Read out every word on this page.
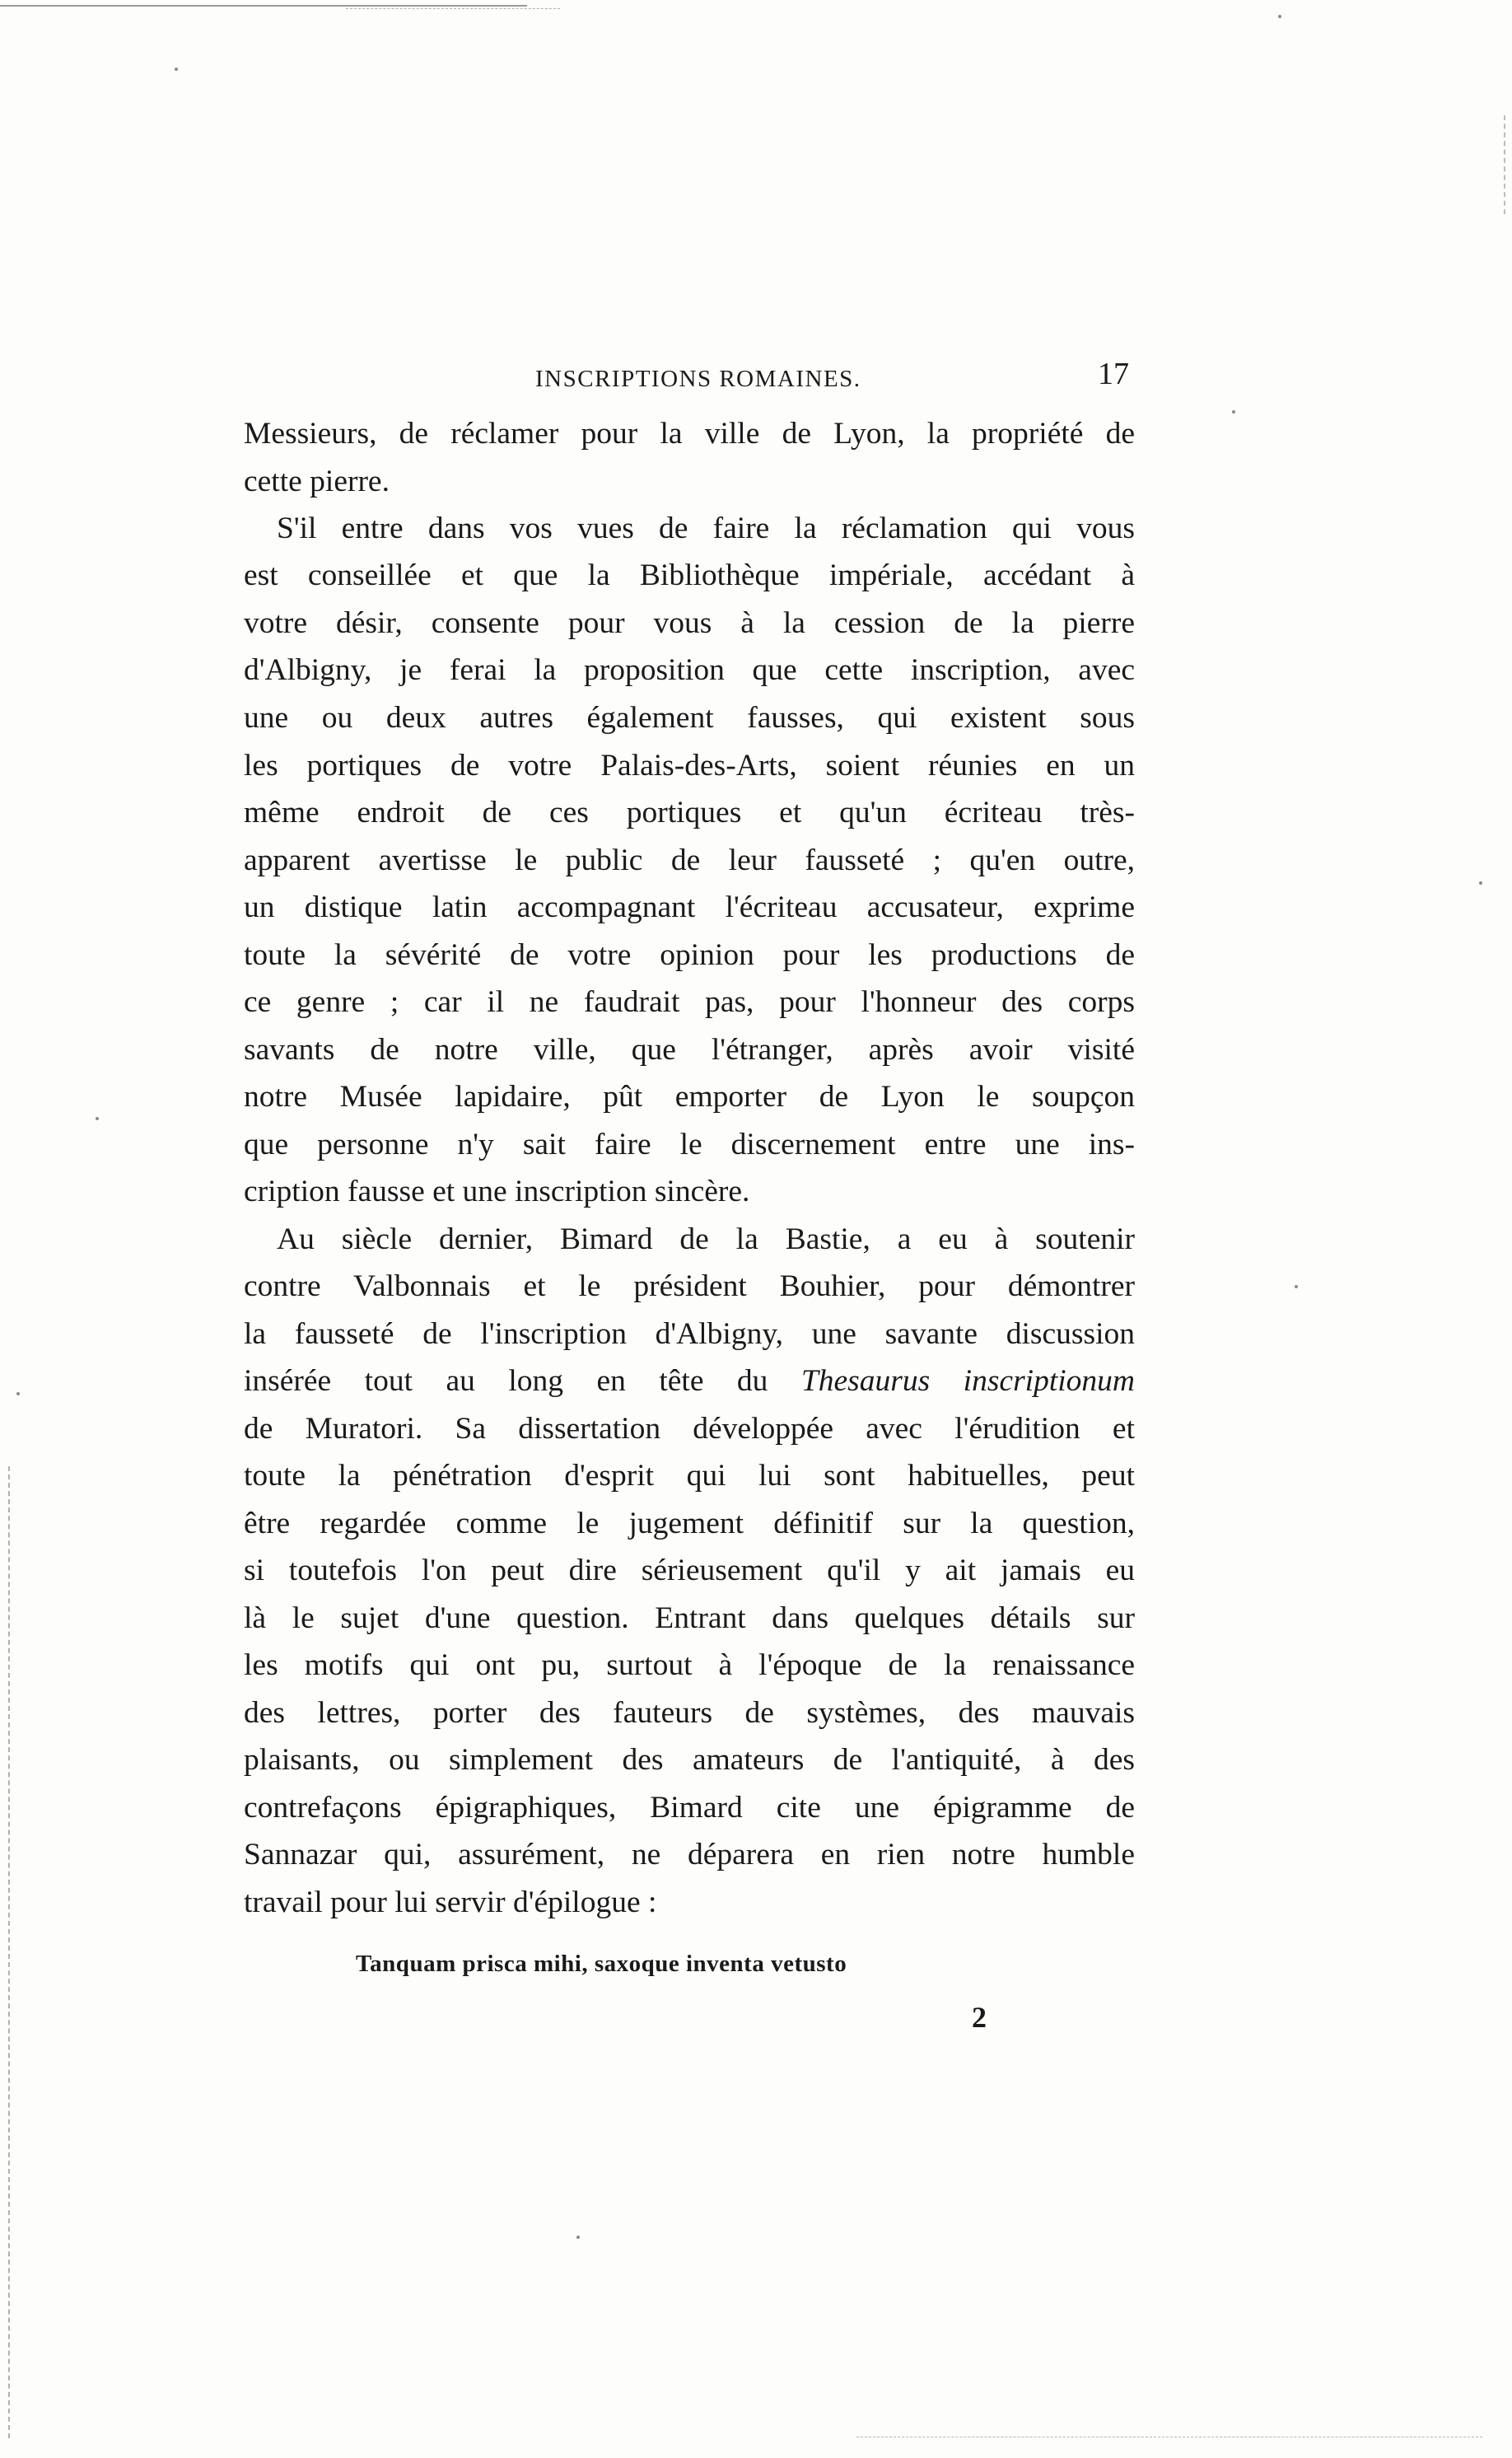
INSCRIPTIONS ROMAINES.	17
Messieurs, de réclamer pour la ville de Lyon, la propriété de
cette pierre.
S'il entre dans vos vues de faire la réclamation qui vous
est conseillée et que la Bibliothèque impériale, accédant à
votre désir, consente pour vous à la cession de la pierre
d'Albigny, je ferai la proposition que cette inscription, avec
une ou deux autres également fausses, qui existent sous
les portiques de votre Palais-des-Arts, soient réunies en un
même endroit de ces portiques et qu'un écriteau très-
apparent avertisse le public de leur fausseté ; qu'en outre,
un distique latin accompagnant l'écriteau accusateur, exprime
toute la sévérité de votre opinion pour les productions de
ce genre ; car il ne faudrait pas, pour l'honneur des corps
savants de notre ville, que l'étranger, après avoir visité
notre Musée lapidaire, pût emporter de Lyon le soupçon
que personne n'y sait faire le discernement entre une ins-
cription fausse et une inscription sincère.
Au siècle dernier, Bimard de la Bastie, a eu à soutenir
contre Valbonnais et le président Bouhier, pour démontrer
la fausseté de l'inscription d'Albigny, une savante discussion
insérée tout au long en tête du Thesaurus inscriptionum
de Muratori. Sa dissertation développée avec l'érudition et
toute la pénétration d'esprit qui lui sont habituelles, peut
être regardée comme le jugement définitif sur la question,
si toutefois l'on peut dire sérieusement qu'il y ait jamais eu
là le sujet d'une question. Entrant dans quelques détails sur
les motifs qui ont pu, surtout à l'époque de la renaissance
des lettres, porter des fauteurs de systèmes, des mauvais
plaisants, ou simplement des amateurs de l'antiquité, à des
contrefaçons épigraphiques, Bimard cite une épigramme de
Sannazar qui, assurément, ne déparera en rien notre humble
travail pour lui servir d'épilogue :
Tanquam prisca mihi, saxoque inventa vetusto
2
